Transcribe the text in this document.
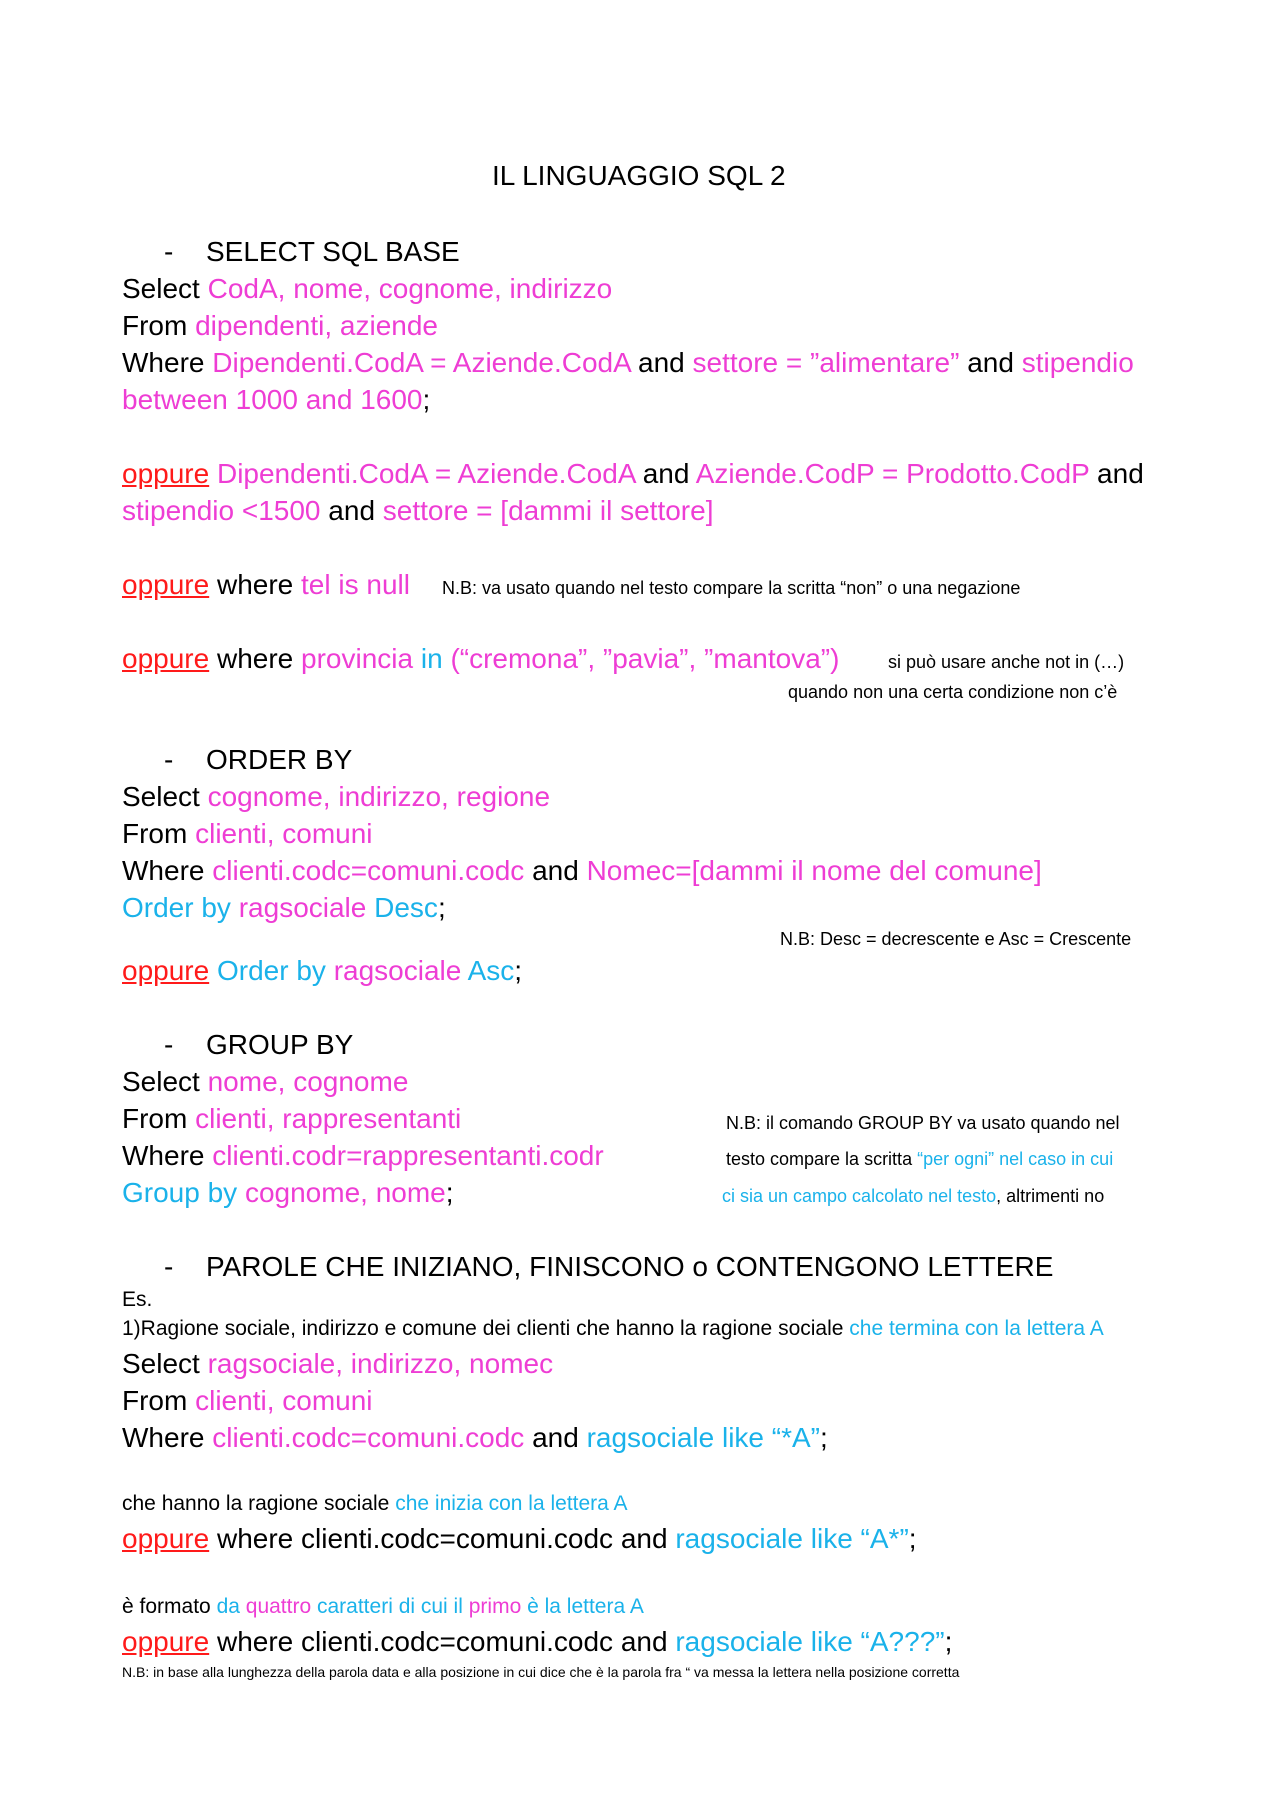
IL LINGUAGGIO SQL 2
- SELECT SQL BASE
Select CodA, nome, cognome, indirizzo
From dipendenti, aziende
Where Dipendenti.CodA = Aziende.CodA and settore = ”alimentare” and stipendio
between 1000 and 1600;
oppure Dipendenti.CodA = Aziende.CodA and Aziende.CodP = Prodotto.CodP and
stipendio <1500 and settore = [dammi il settore]
oppure where tel is null N.B: va usato quando nel testo compare la scritta “non” o una negazione
oppure where provincia in (“cremona”, ”pavia”, ”mantova”)	si può usare anche not in (…)
quando non una certa condizione non c’è
- ORDER BY
Select cognome, indirizzo, regione
From clienti, comuni
Where clienti.codc=comuni.codc and Nomec=[dammi il nome del comune]
Order by ragsociale Desc;
N.B: Desc = decrescente e Asc = Crescente
oppure Order by ragsociale Asc;
- GROUP BY
Select nome, cognome
From clienti, rappresentanti
Where clienti.codr=rappresentanti.codr
Group by cognome, nome;
N.B: il comando GROUP BY va usato quando nel
testo compare la scritta “per ogni” nel caso in cui
ci sia un campo calcolato nel testo, altrimenti no
- PAROLE CHE INIZIANO, FINISCONO o CONTENGONO LETTERE
Es.
1)Ragione sociale, indirizzo e comune dei clienti che hanno la ragione sociale che termina con la lettera A
Select ragsociale, indirizzo, nomec
From clienti, comuni
Where clienti.codc=comuni.codc and ragsociale like “*A”;
che hanno la ragione sociale che inizia con la lettera A
oppure where clienti.codc=comuni.codc and ragsociale like “A*”;
è formato da quattro caratteri di cui il primo è la lettera A
oppure where clienti.codc=comuni.codc and ragsociale like “A???”;
N.B: in base alla lunghezza della parola data e alla posizione in cui dice che è la parola fra “ va messa la lettera nella posizione corretta
